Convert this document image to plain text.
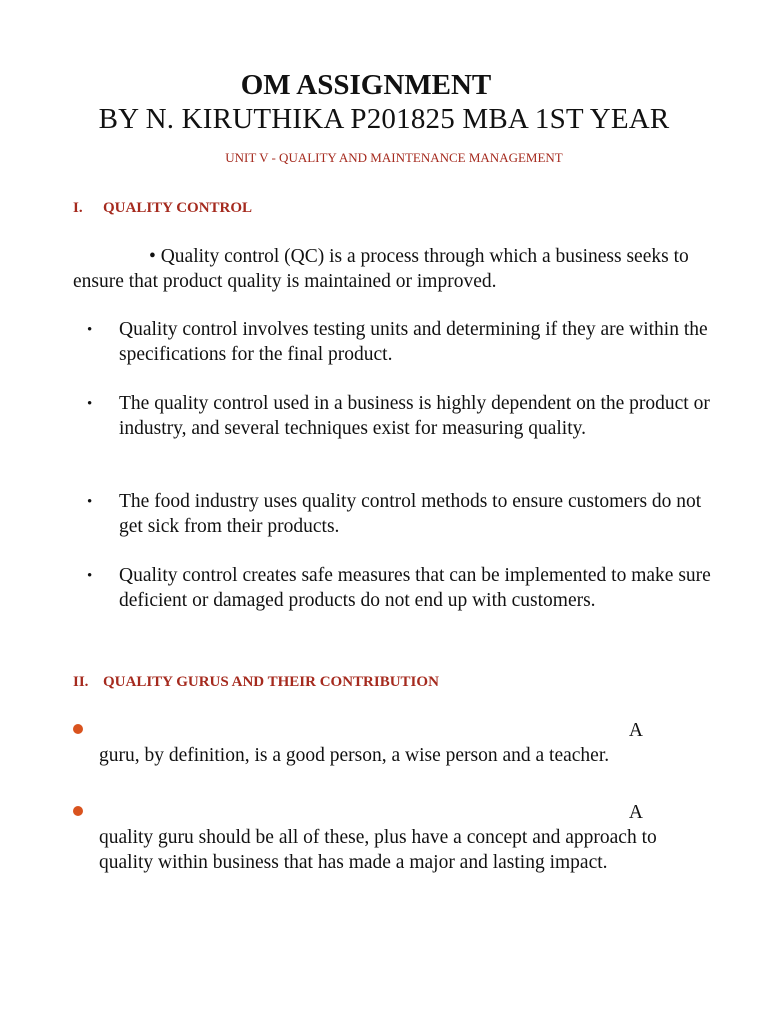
OM ASSIGNMENT
BY N. KIRUTHIKA P201825 MBA 1ST YEAR
UNIT V - QUALITY AND MAINTENANCE MANAGEMENT
I. QUALITY CONTROL
• Quality control (QC) is a process through which a business seeks to ensure that product quality is maintained or improved.
• Quality control involves testing units and determining if they are within the specifications for the final product.
• The quality control used in a business is highly dependent on the product or industry, and several techniques exist for measuring quality.
• The food industry uses quality control methods to ensure customers do not get sick from their products.
• Quality control creates safe measures that can be implemented to make sure deficient or damaged products do not end up with customers.
II. QUALITY GURUS AND THEIR CONTRIBUTION
A
guru, by definition, is a good person, a wise person and a teacher.
A
quality guru should be all of these, plus have a concept and approach to quality within business that has made a major and lasting impact.
